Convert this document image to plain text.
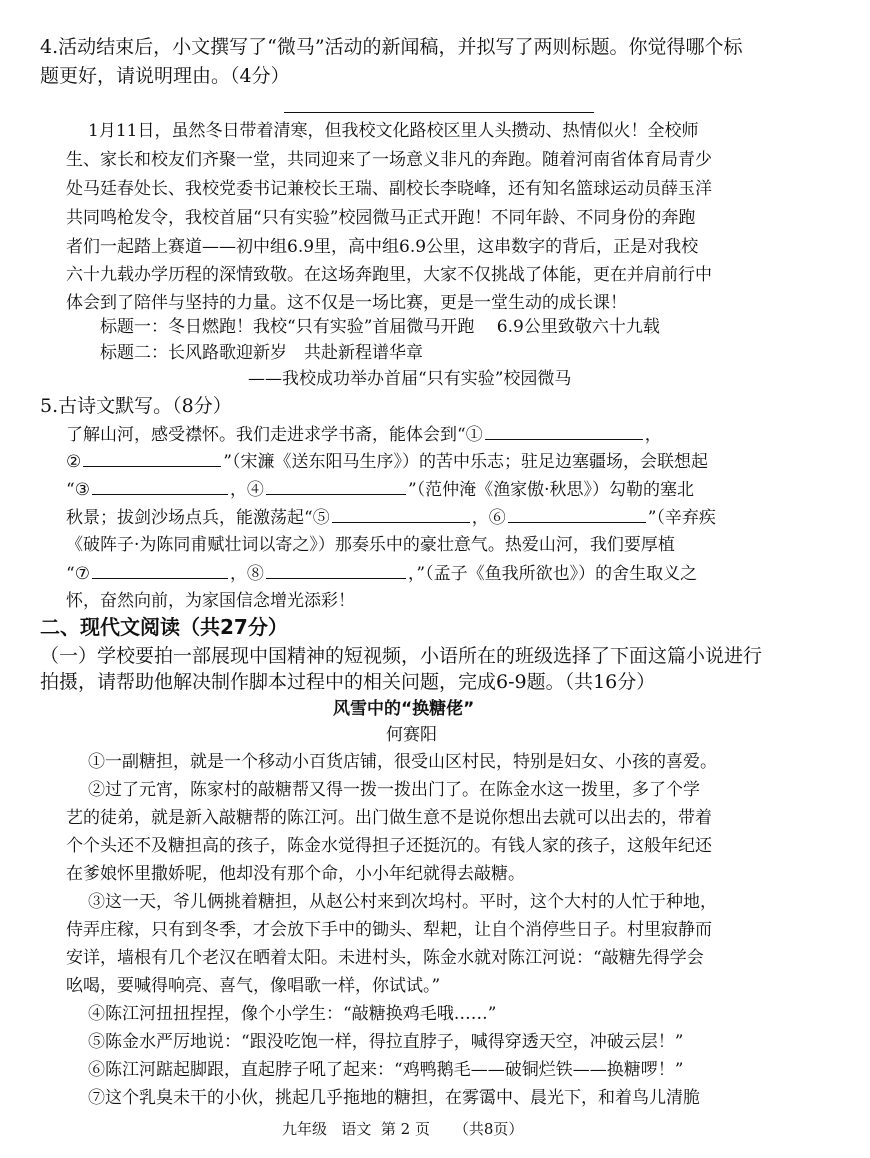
4.活动结束后，小文撰写了“微马”活动的新闻稿，并拟写了两则标题。你觉得哪个标
题更好，请说明理由。（4分）
1月11日，虽然冬日带着清寒，但我校文化路校区里人头攒动、热情似火！全校师
生、家长和校友们齐聚一堂，共同迎来了一场意义非凡的奔跑。随着河南省体育局青少
处马廷春处长、我校党委书记兼校长王瑞、副校长李晓峰，还有知名篮球运动员薛玉洋
共同鸣枪发令，我校首届“只有实验”校园微马正式开跑！不同年龄、不同身份的奔跑
者们一起踏上赛道——初中组6.9里，高中组6.9公里，这串数字的背后，正是对我校
六十九载办学历程的深情致敬。在这场奔跑里，大家不仅挑战了体能，更在并肩前行中
体会到了陪伴与坚持的力量。这不仅是一场比赛，更是一堂生动的成长课！
标题一：冬日燃跑！我校“只有实验”首届微马开跑　 6.9公里致敬六十九载
标题二：长风路歌迎新岁　共赴新程谱华章
——我校成功举办首届“只有实验”校园微马
5.古诗文默写。（8分）
了解山河，感受襟怀。我们走进求学书斋，能体会到“①	，
②	”（宋濂《送东阳马生序》）的苦中乐志；驻足边塞疆场，会联想起
“③	，④	”（范仲淹《渔家傲·秋思》）勾勒的塞北
秋景；拔剑沙场点兵，能激荡起“⑤	，⑥	”（辛弃疾
《破阵子·为陈同甫赋壮词以寄之》）那奏乐中的豪壮意气。热爱山河，我们要厚植
“⑦	，⑧	，”（孟子《鱼我所欲也》）的舍生取义之
怀，奋然向前，为家国信念增光添彩！
二、现代文阅读（共27分）
（一）学校要拍一部展现中国精神的短视频，小语所在的班级选择了下面这篇小说进行
拍摄，请帮助他解决制作脚本过程中的相关问题，完成6-9题。（共16分）
风雪中的“换糖佬”
何赛阳
①一副糖担，就是一个移动小百货店铺，很受山区村民，特别是妇女、小孩的喜爱。
②过了元宵，陈家村的敲糖帮又得一拨一拨出门了。在陈金水这一拨里，多了个学
艺的徒弟，就是新入敲糖帮的陈江河。出门做生意不是说你想出去就可以出去的，带着
个个头还不及糖担高的孩子，陈金水觉得担子还挺沉的。有钱人家的孩子，这般年纪还
在爹娘怀里撒娇呢，他却没有那个命，小小年纪就得去敲糖。
③这一天，爷儿俩挑着糖担，从赵公村来到次坞村。平时，这个大村的人忙于种地，
侍弄庄稼，只有到冬季，才会放下手中的锄头、犁耙，让自个消停些日子。村里寂静而
安详，墙根有几个老汉在晒着太阳。未进村头，陈金水就对陈江河说：“敲糖先得学会
吆喝，要喊得响亮、喜气，像唱歌一样，你试试。”
④陈江河扭扭捏捏，像个小学生：“敲糖换鸡毛哦……”
⑤陈金水严厉地说：“跟没吃饱一样，得拉直脖子，喊得穿透天空，冲破云层！”
⑥陈江河踮起脚跟，直起脖子吼了起来：“鸡鸭鹅毛——破铜烂铁——换糖啰！”
⑦这个乳臭未干的小伙，挑起几乎拖地的糖担，在雾霭中、晨光下，和着鸟儿清脆
九年级 语文 第 2 页 （共8页）
